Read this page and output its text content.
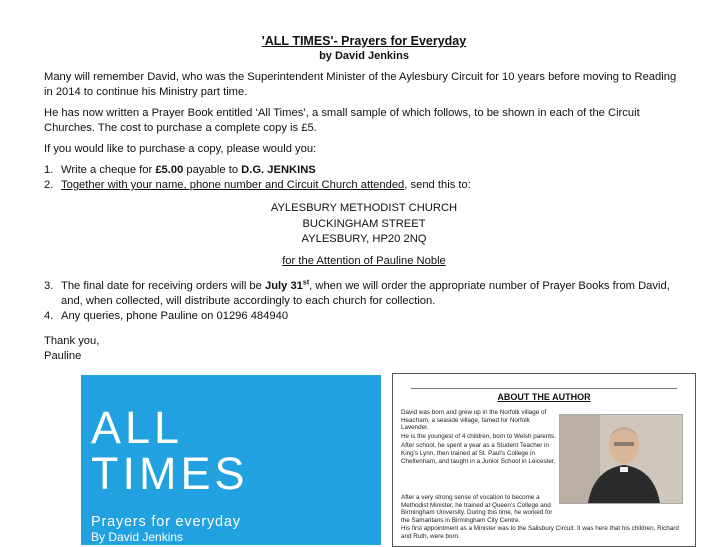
'ALL TIMES'- Prayers for Everyday
by David Jenkins

Many will remember David, who was the Superintendent Minister of the Aylesbury Circuit for 10 years before moving to Reading in 2014 to continue his Ministry part time.

He has now written a Prayer Book entitled ‘All Times’, a small sample of which follows, to be shown in each of the Circuit Churches. The cost to purchase a complete copy is £5.

If you would like to purchase a copy, please would you:

1. Write a cheque for £5.00 payable to D.G. JENKINS
2. Together with your name, phone number and Circuit Church attended, send this to:
AYLESBURY METHODIST CHURCH
BUCKINGHAM STREET
AYLESBURY, HP20 2NQ
for the Attention of Pauline Noble
3. The final date for receiving orders will be July 31st, when we will order the appropriate number of Prayer Books from David, and, when collected, will distribute accordingly to each church for collection.
4. Any queries, phone Pauline on 01296 484940
Thank you,
Pauline
ALL
TIMES
Prayers for everyday
By David Jenkins
ABOUT THE AUTHOR
David was born and grew up in the Norfolk village of Heacham, a seaside village, famed for Norfolk Lavender.
He is the youngest of 4 children, born to Welsh parents.
After school, he spent a year as a Student Teacher in King’s Lynn, then trained at St. Paul’s College in Cheltenham, and taught in a Junior School in Leicester.
After a very strong sense of vocation to become a Methodist Minister, he trained at Queen’s College and Birmingham University. During this time, he worked for the Samaritans in Birmingham City Centre.
His first appointment as a Minister was to the Salisbury Circuit. It was here that his children, Richard and Ruth, were born.
